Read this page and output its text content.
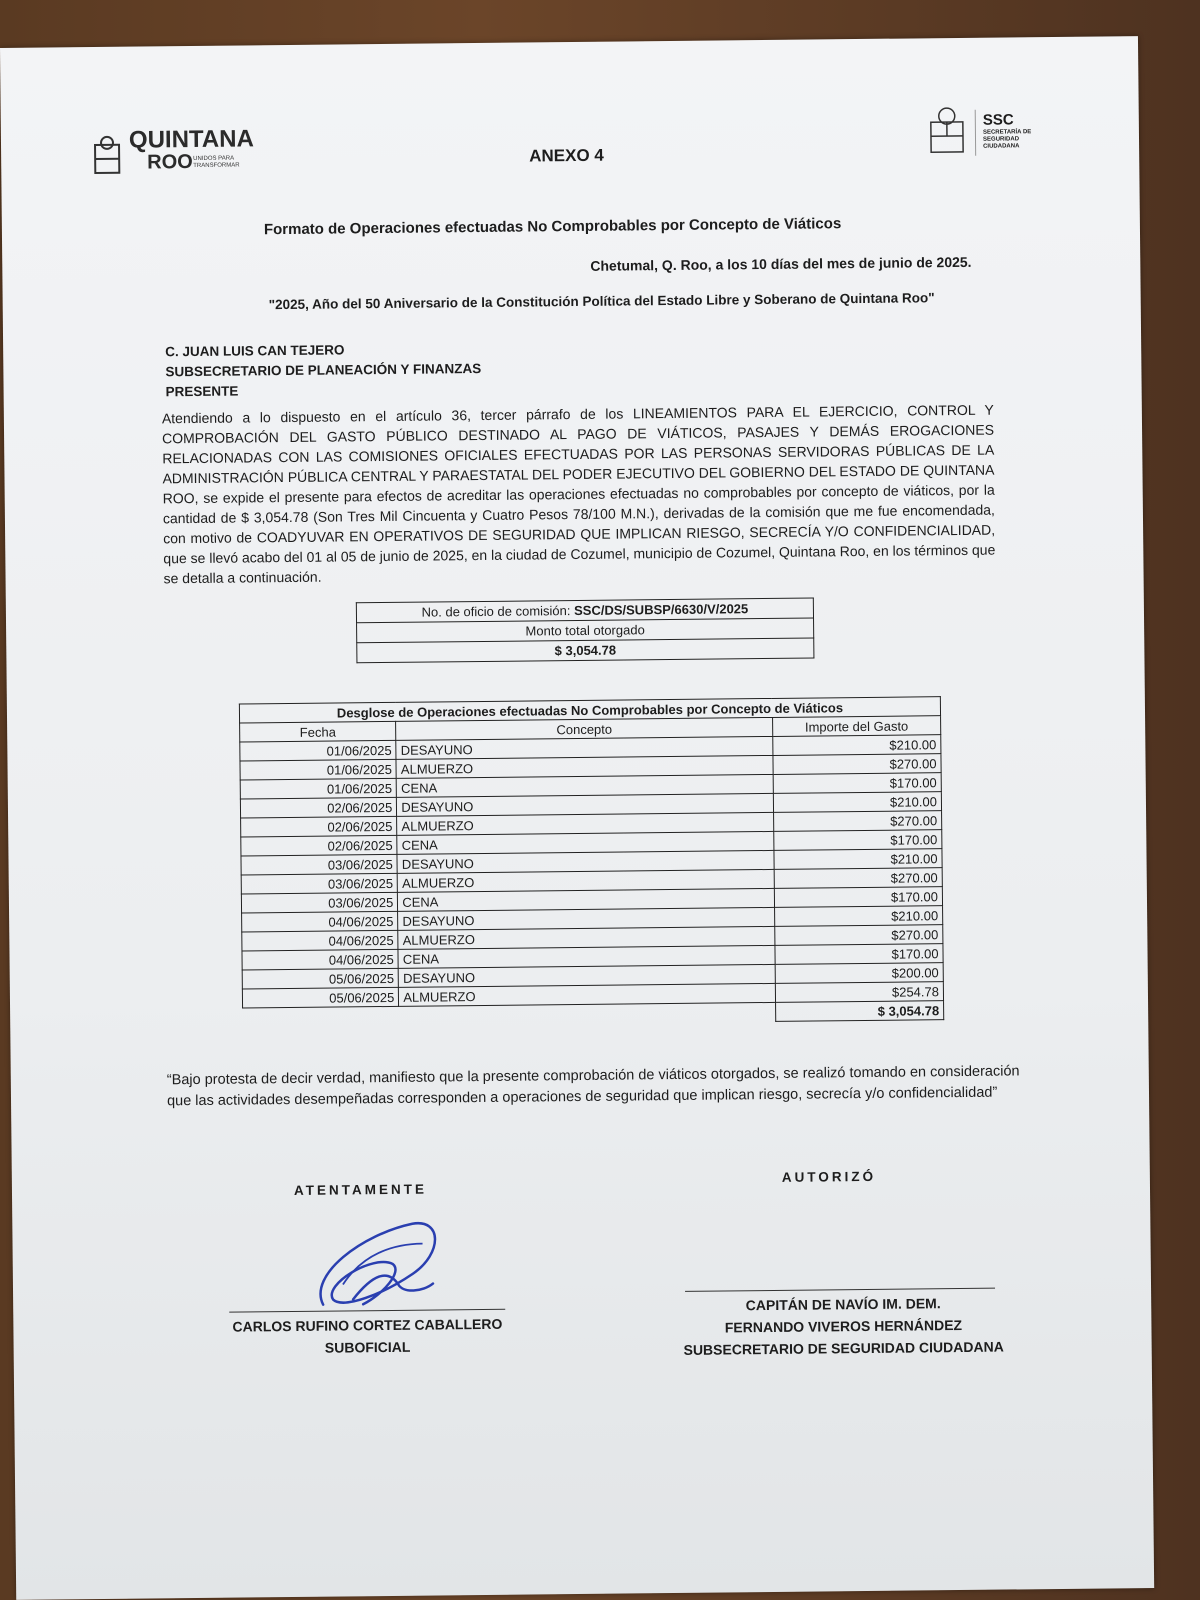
QUINTANA
ROO UNIDOS PARA TRANSFORMAR
ANEXO 4
SSC
SECRETARÍA DE SEGURIDAD CIUDADANA
Formato de Operaciones efectuadas No Comprobables por Concepto de Viáticos
Chetumal, Q. Roo, a los 10 días del mes de junio de 2025.
"2025, Año del 50 Aniversario de la Constitución Política del Estado Libre y Soberano de Quintana Roo"
C. JUAN LUIS CAN TEJERO
SUBSECRETARIO DE PLANEACIÓN Y FINANZAS
PRESENTE
Atendiendo a lo dispuesto en el artículo 36, tercer párrafo de los LINEAMIENTOS PARA EL EJERCICIO, CONTROL Y COMPROBACIÓN DEL GASTO PÚBLICO DESTINADO AL PAGO DE VIÁTICOS, PASAJES Y DEMÁS EROGACIONES RELACIONADAS CON LAS COMISIONES OFICIALES EFECTUADAS POR LAS PERSONAS SERVIDORAS PÚBLICAS DE LA ADMINISTRACIÓN PÚBLICA CENTRAL Y PARAESTATAL DEL PODER EJECUTIVO DEL GOBIERNO DEL ESTADO DE QUINTANA ROO, se expide el presente para efectos de acreditar las operaciones efectuadas no comprobables por concepto de viáticos, por la cantidad de $ 3,054.78 (Son Tres Mil Cincuenta y Cuatro Pesos 78/100 M.N.), derivadas de la comisión que me fue encomendada, con motivo de COADYUVAR EN OPERATIVOS DE SEGURIDAD QUE IMPLICAN RIESGO, SECRECÍA Y/O CONFIDENCIALIDAD, que se llevó acabo del 01 al 05 de junio de 2025, en la ciudad de Cozumel, municipio de Cozumel, Quintana Roo, en los términos que se detalla a continuación.
No. de oficio de comisión: SSC/DS/SUBSP/6630/V/2025
Monto total otorgado
$ 3,054.78
Desglose de Operaciones efectuadas No Comprobables por Concepto de Viáticos		
Fecha	Concepto	Importe del Gasto
01/06/2025	DESAYUNO	$210.00
01/06/2025	ALMUERZO	$270.00
01/06/2025	CENA	$170.00
02/06/2025	DESAYUNO	$210.00
02/06/2025	ALMUERZO	$270.00
02/06/2025	CENA	$170.00
03/06/2025	DESAYUNO	$210.00
03/06/2025	ALMUERZO	$270.00
03/06/2025	CENA	$170.00
04/06/2025	DESAYUNO	$210.00
04/06/2025	ALMUERZO	$270.00
04/06/2025	CENA	$170.00
05/06/2025	DESAYUNO	$200.00
05/06/2025	ALMUERZO	$254.78
		$ 3,054.78
“Bajo protesta de decir verdad, manifiesto que la presente comprobación de viáticos otorgados, se realizó tomando en consideración que las actividades desempeñadas corresponden a operaciones de seguridad que implican riesgo, secrecía y/o confidencialidad”
ATENTAMENTE
CARLOS RUFINO CORTEZ CABALLERO
SUBOFICIAL
AUTORIZÓ
CAPITÁN DE NAVÍO IM. DEM.
FERNANDO VIVEROS HERNÁNDEZ
SUBSECRETARIO DE SEGURIDAD CIUDADANA
